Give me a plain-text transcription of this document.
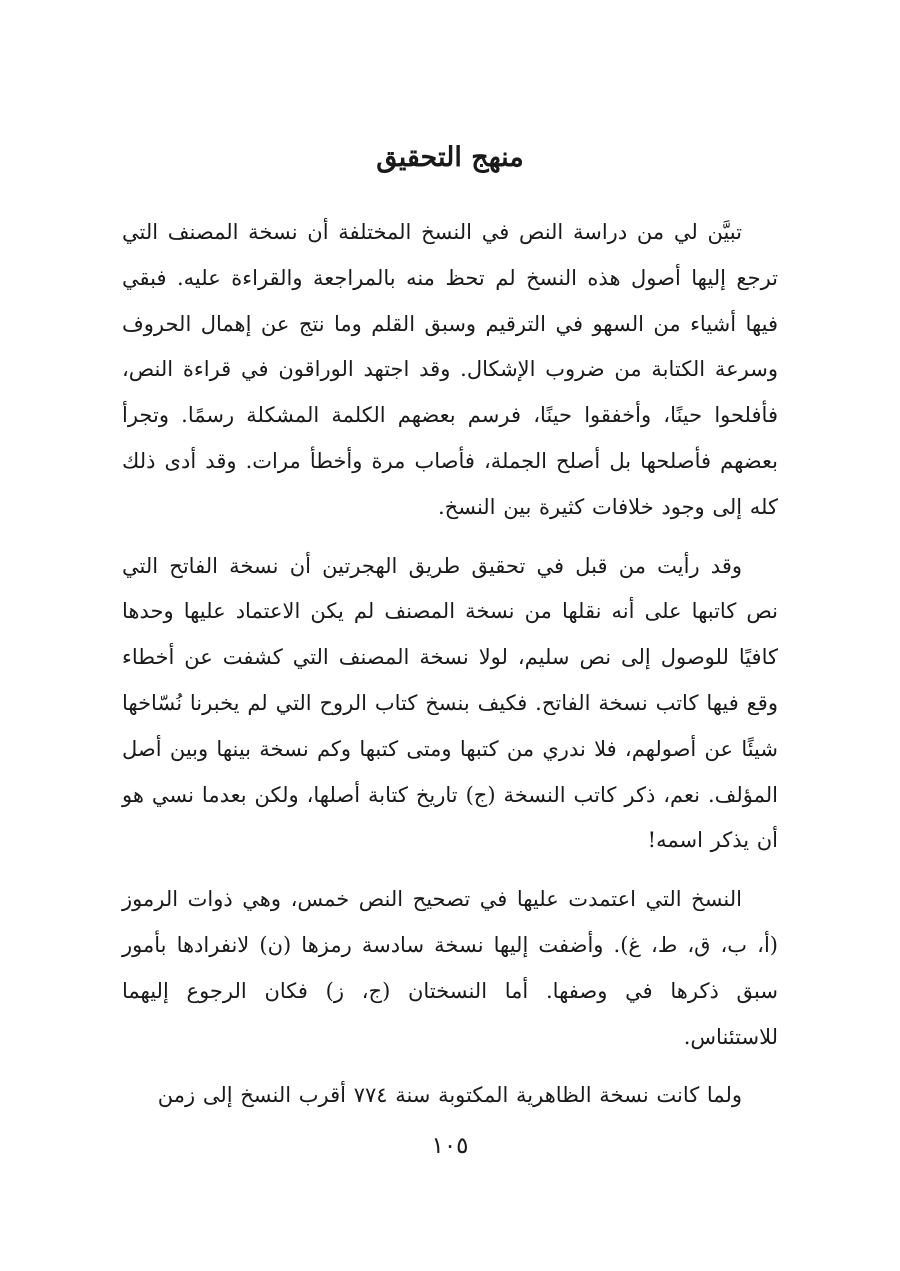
منهج التحقيق

تبيَّن لي من دراسة النص في النسخ المختلفة أن نسخة المصنف التي ترجع إليها أصول هذه النسخ لم تحظ منه بالمراجعة والقراءة عليه. فبقي فيها أشياء من السهو في الترقيم وسبق القلم وما نتج عن إهمال الحروف وسرعة الكتابة من ضروب الإشكال. وقد اجتهد الوراقون في قراءة النص، فأفلحوا حينًا، وأخفقوا حينًا، فرسم بعضهم الكلمة المشكلة رسمًا. وتجرأ بعضهم فأصلحها بل أصلح الجملة، فأصاب مرة وأخطأ مرات. وقد أدى ذلك كله إلى وجود خلافات كثيرة بين النسخ.

وقد رأيت من قبل في تحقيق طريق الهجرتين أن نسخة الفاتح التي نص كاتبها على أنه نقلها من نسخة المصنف لم يكن الاعتماد عليها وحدها كافيًا للوصول إلى نص سليم، لولا نسخة المصنف التي كشفت عن أخطاء وقع فيها كاتب نسخة الفاتح. فكيف بنسخ كتاب الروح التي لم يخبرنا نُسّاخها شيئًا عن أصولهم، فلا ندري من كتبها ومتى كتبها وكم نسخة بينها وبين أصل المؤلف. نعم، ذكر كاتب النسخة (ج) تاريخ كتابة أصلها، ولكن بعدما نسي هو أن يذكر اسمه!

النسخ التي اعتمدت عليها في تصحيح النص خمس، وهي ذوات الرموز (أ، ب، ق، ط، غ). وأضفت إليها نسخة سادسة رمزها (ن) لانفرادها بأمور سبق ذكرها في وصفها. أما النسختان (ج، ز) فكان الرجوع إليهما للاستئناس.

ولما كانت نسخة الظاهرية المكتوبة سنة ٧٧٤ أقرب النسخ إلى زمن

١٠٥
